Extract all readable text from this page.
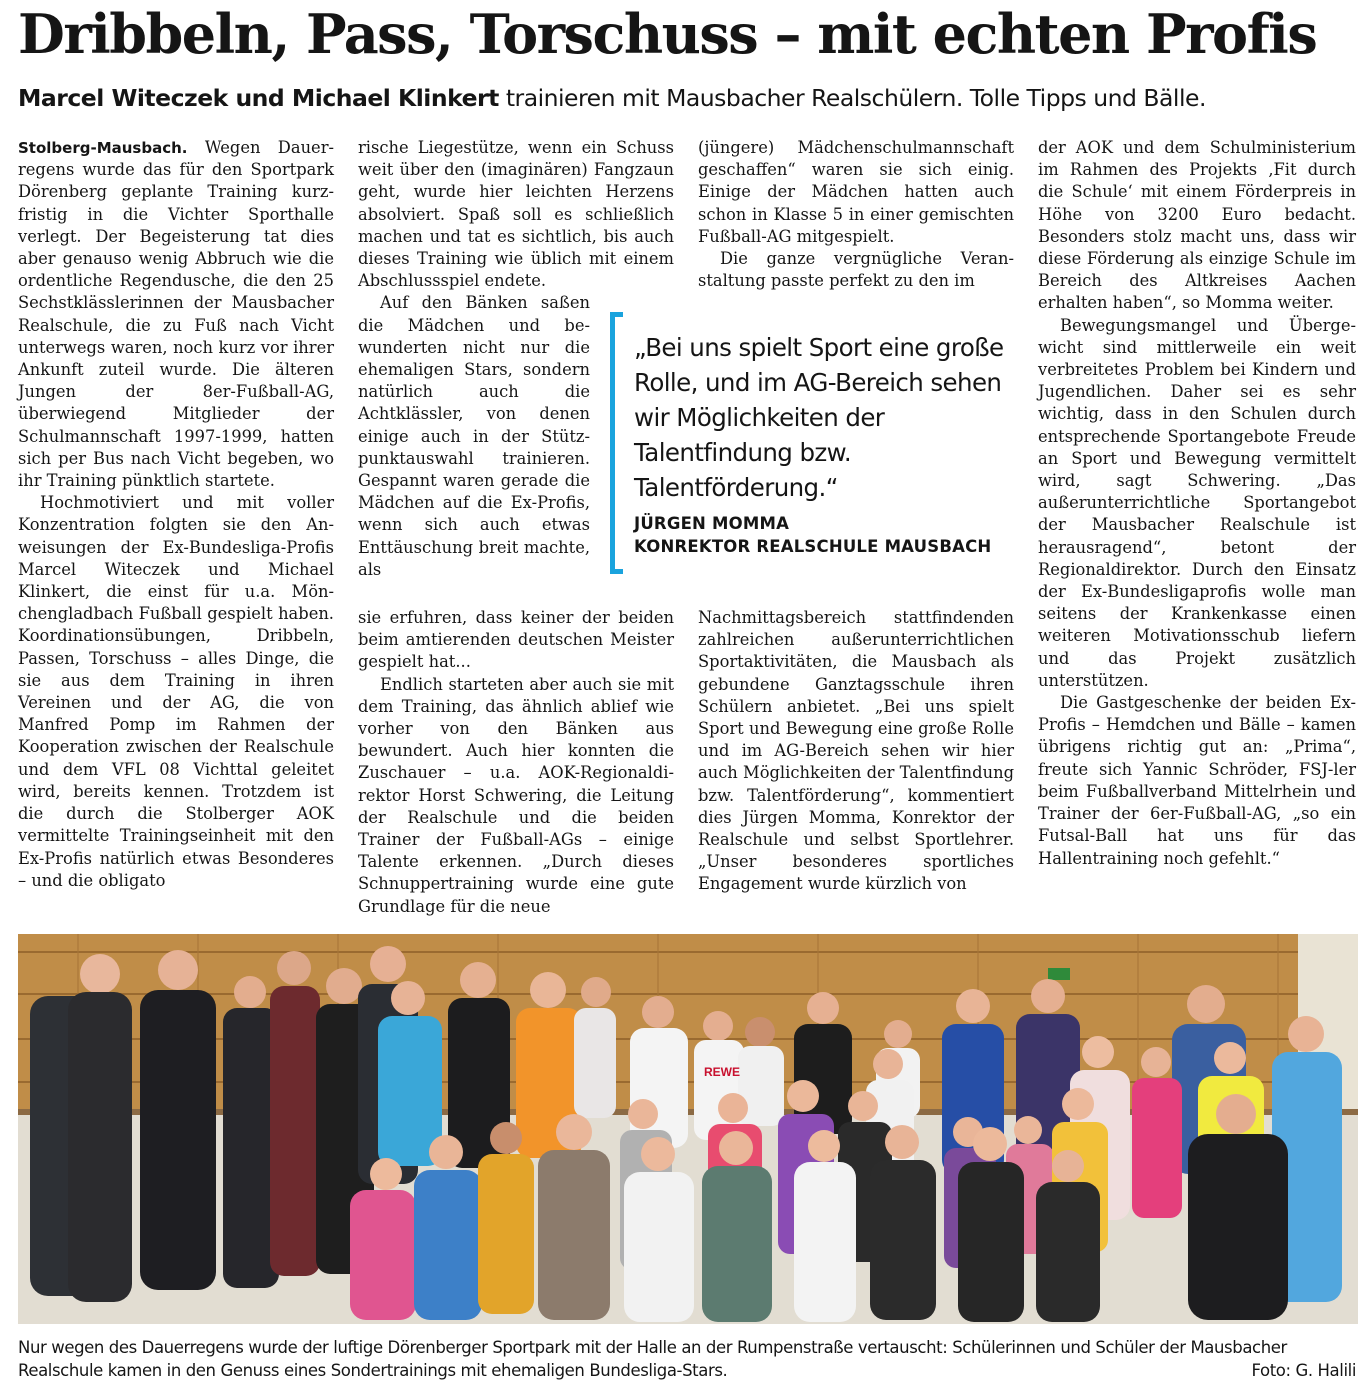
Dribbeln, Pass, Torschuss – mit echten Profis
Marcel Witeczek und Michael Klinkert trainieren mit Mausbacher Realschülern. Tolle Tipps und Bälle.

Stolberg-Mausbach. Wegen Dauerregens wurde das für den Sportpark Dörenberg geplante Training kurzfristig in die Vichter Sporthalle verlegt. Der Begeisterung tat dies aber genauso wenig Abbruch wie die ordentliche Regendusche, die den 25 Sechstklässlerinnen der Mausbacher Realschule, die zu Fuß nach Vicht unterwegs waren, noch kurz vor ihrer Ankunft zuteil wurde. Die älteren Jungen der 8er-Fußball-AG, überwiegend Mitglieder der Schulmannschaft 1997-1999, hatten sich per Bus nach Vicht begeben, wo ihr Training pünktlich startete.

Hochmotiviert und mit voller Konzentration folgten sie den Anweisungen der Ex-Bundesliga-Profis Marcel Witeczek und Michael Klinkert, die einst für u.a. Mönchengladbach Fußball gespielt haben. Koordinationsübungen, Dribbeln, Passen, Torschuss – alles Dinge, die sie aus dem Training in ihren Vereinen und der AG, die von Manfred Pomp im Rahmen der Kooperation zwischen der Realschule und dem VFL 08 Vichttal geleitet wird, bereits kennen. Trotzdem ist die durch die Stolberger AOK vermittelte Trainingseinheit mit den Ex-Profis natürlich etwas Besonderes – und die obligato

rische Liegestütze, wenn ein Schuss weit über den (imaginären) Fangzaun geht, wurde hier leichten Herzens absolviert. Spaß soll es schließlich machen und tat es sichtlich, bis auch dieses Training wie üblich mit einem Abschlussspiel endete.

Auf den Bänken saßen die Mädchen und bewunderten nicht nur die ehemaligen Stars, sondern natürlich auch die Achtklässler, von denen einige auch in der Stützpunktauswahl trainieren. Gespannt waren gerade die Mädchen auf die Ex-Profis, wenn sich auch etwas Enttäuschung breit machte, als

sie erfuhren, dass keiner der beiden beim amtierenden deutschen Meister gespielt hat...

Endlich starteten aber auch sie mit dem Training, das ähnlich ablief wie vorher von den Bänken aus bewundert. Auch hier konnten die Zuschauer – u.a. AOK-Regionaldirektor Horst Schwering, die Leitung der Realschule und die beiden Trainer der Fußball-AGs – einige Talente erkennen. „Durch dieses Schnuppertraining wurde eine gute Grundlage für die neue

(jüngere) Mädchenschulmannschaft geschaffen“ waren sie sich einig. Einige der Mädchen hatten auch schon in Klasse 5 in einer gemischten Fußball-AG mitgespielt.

Die ganze vergnügliche Veranstaltung passte perfekt zu den im

„Bei uns spielt Sport eine große Rolle, und im AG-Bereich sehen wir Möglichkeiten der Talentfindung bzw. Talentförderung.“
JÜRGEN MOMMA
KONREKTOR REALSCHULE MAUSBACH

Nachmittagsbereich stattfindenden zahlreichen außerunterrichtlichen Sportaktivitäten, die Mausbach als gebundene Ganztagsschule ihren Schülern anbietet. „Bei uns spielt Sport und Bewegung eine große Rolle und im AG-Bereich sehen wir hier auch Möglichkeiten der Talentfindung bzw. Talentförderung“, kommentiert dies Jürgen Momma, Konrektor der Realschule und selbst Sportlehrer. „Unser besonderes sportliches Engagement wurde kürzlich von

der AOK und dem Schulministerium im Rahmen des Projekts ‚Fit durch die Schule‘ mit einem Förderpreis in Höhe von 3200 Euro bedacht. Besonders stolz macht uns, dass wir diese Förderung als einzige Schule im Bereich des Altkreises Aachen erhalten haben“, so Momma weiter.

Bewegungsmangel und Übergewicht sind mittlerweile ein weit verbreitetes Problem bei Kindern und Jugendlichen. Daher sei es sehr wichtig, dass in den Schulen durch entsprechende Sportangebote Freude an Sport und Bewegung vermittelt wird, sagt Schwering. „Das außerunterrichtliche Sportangebot der Mausbacher Realschule ist herausragend“, betont der Regionaldirektor. Durch den Einsatz der Ex-Bundesligaprofis wolle man seitens der Krankenkasse einen weiteren Motivationsschub liefern und das Projekt zusätzlich unterstützen.

Die Gastgeschenke der beiden Ex-Profis – Hemdchen und Bälle – kamen übrigens richtig gut an: „Prima“, freute sich Yannic Schröder, FSJ-ler beim Fußballverband Mittelrhein und Trainer der 6er-Fußball-AG, „so ein Futsal-Ball hat uns für das Hallentraining noch gefehlt.“

REWE
Nur wegen des Dauerregens wurde der luftige Dörenberger Sportpark mit der Halle an der Rumpenstraße vertauscht: Schülerinnen und Schüler der Mausbacher Realschule kamen in den Genuss eines Sondertrainings mit ehemaligen Bundesliga-Stars.	Foto: G. Halili
